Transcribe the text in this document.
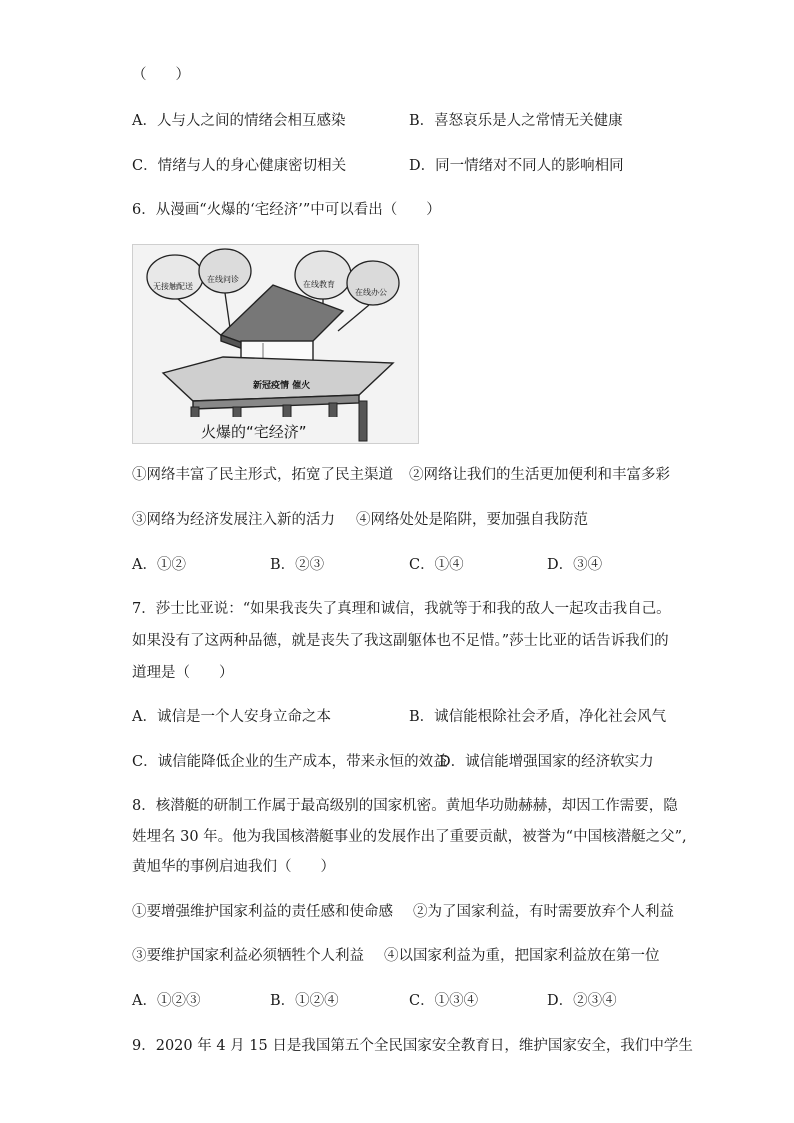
（　　）
A．人与人之间的情绪会相互感染	B．喜怒哀乐是人之常情无关健康
C．情绪与人的身心健康密切相关	D．同一情绪对不同人的影响相同
6．从漫画“火爆的‘宅经济’”中可以看出（　　）
无接触配送
在线问诊
在线教育
在线办公
新冠疫情 催火
火爆的“宅经济”
①网络丰富了民主形式，拓宽了民主渠道 ②网络让我们的生活更加便利和丰富多彩
③网络为经济发展注入新的活力 ④网络处处是陷阱，要加强自我防范
A．①②	B．②③	C．①④	D．③④
7．莎士比亚说：“如果我丧失了真理和诚信，我就等于和我的敌人一起攻击我自己。
如果没有了这两种品德，就是丧失了我这副躯体也不足惜。”莎士比亚的话告诉我们的
道理是（　　）
A．诚信是一个人安身立命之本	B．诚信能根除社会矛盾，净化社会风气
C．诚信能降低企业的生产成本，带来永恒的效益
D．诚信能增强国家的经济软实力
8．核潜艇的研制工作属于最高级别的国家机密。黄旭华功勋赫赫，却因工作需要，隐
姓埋名 30 年。他为我国核潜艇事业的发展作出了重要贡献，被誉为“中国核潜艇之父”,
黄旭华的事例启迪我们（　　）
①要增强维护国家利益的责任感和使命感 ②为了国家利益，有时需要放弃个人利益
③要维护国家利益必须牺牲个人利益 ④以国家利益为重，把国家利益放在第一位
A．①②③	B．①②④	C．①③④	D．②③④
9．2020 年 4 月 15 日是我国第五个全民国家安全教育日，维护国家安全，我们中学生
